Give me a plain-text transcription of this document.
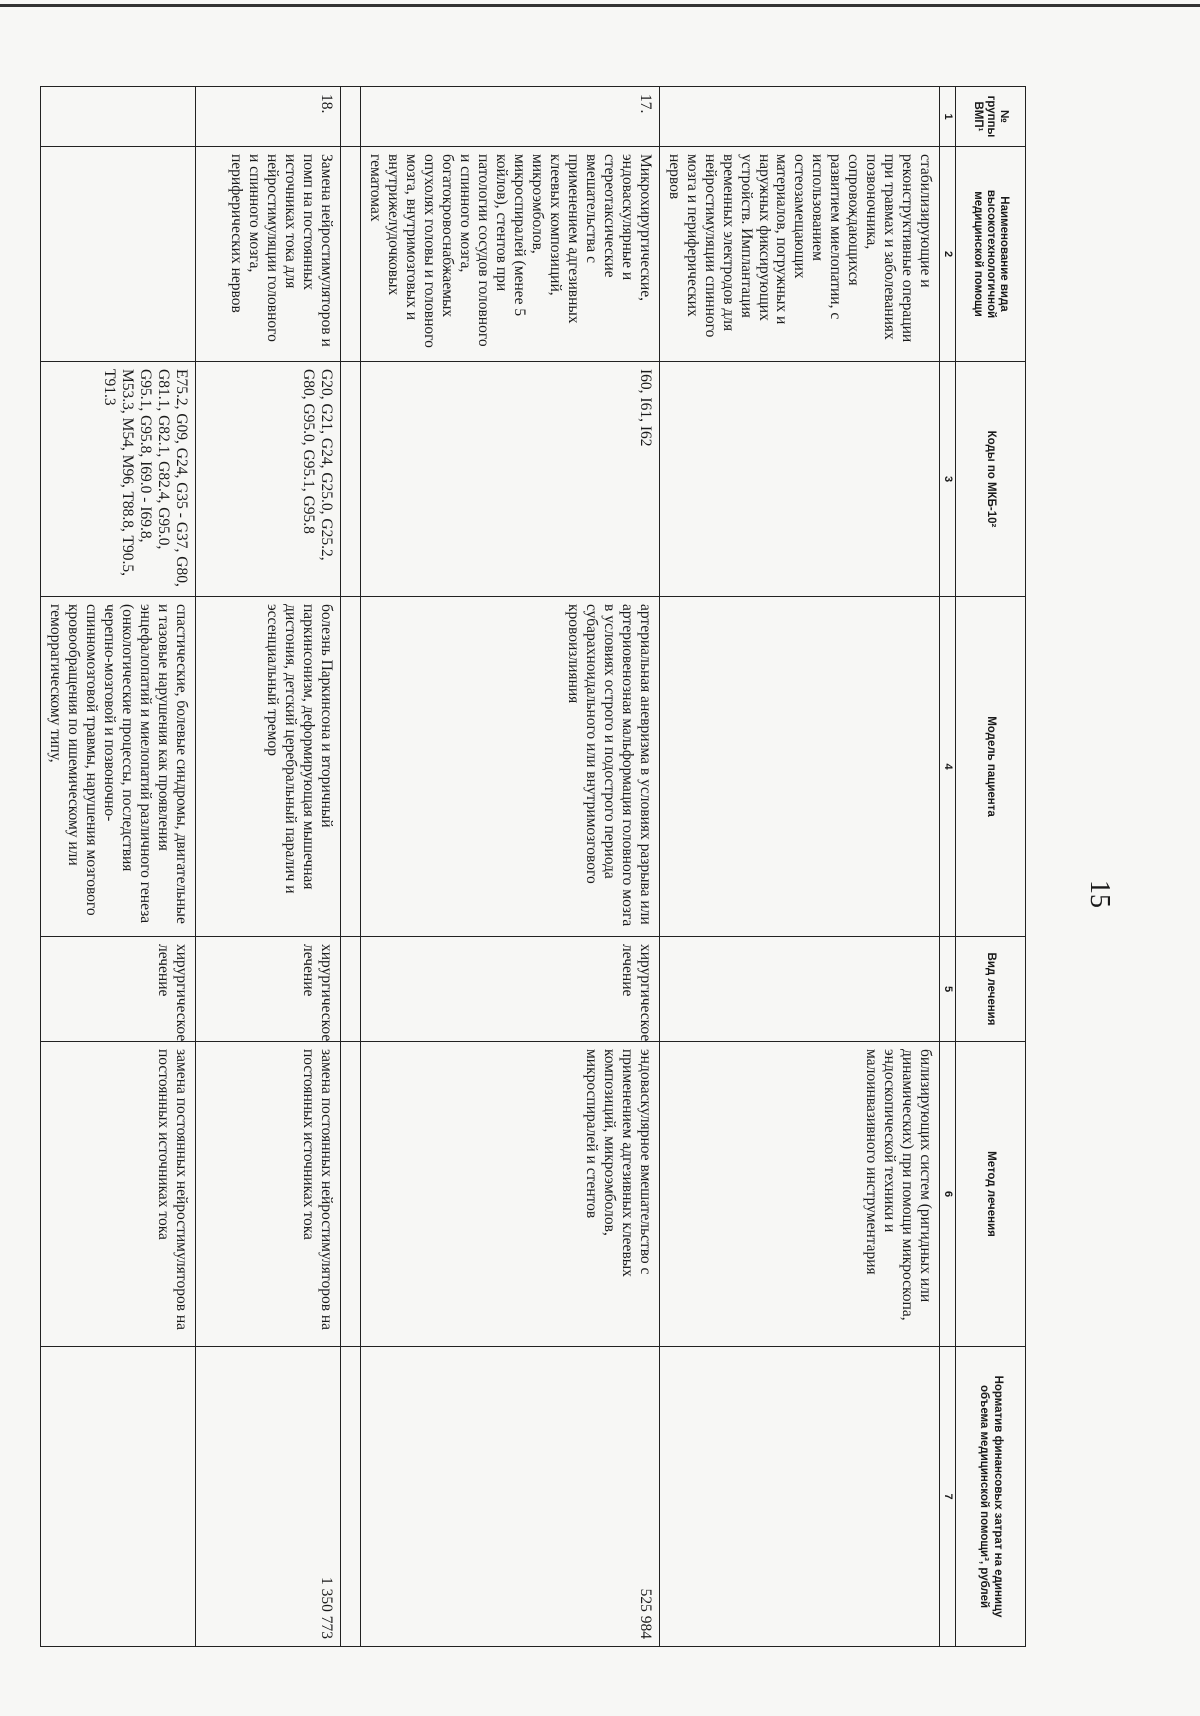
15
№ группы ВМП¹	Наименование вида высокотехнологичной медицинской помощи	Коды по МКБ-10²	Модель пациента	Вид лечения	Метод лечения	Норматив финансовых затрат на единицу объема медицинской помощи³, рублей
1	2	3	4	5	6	7
	стабилизирующие и реконструктивные операции при травмах и заболеваниях позвоночника, сопровождающихся развитием миелопатии, с использованием остеозамещающих материалов, погружных и наружных фиксирующих устройств. Имплантация временных электродов для нейростимуляции спинного мозга и периферических нервов				билизирующих систем (ригидных или динамических) при помощи микроскопа, эндоскопической техники и малоинвазивного инструментария	
17.	Микрохирургические, эндоваскулярные и стереотаксические вмешательства с применением адгезивных клеевых композиций, микроэмболов, микроспиралей (менее 5 койлов), стентов при патологии сосудов головного и спинного мозга, богатокровоснабжаемых опухолях головы и головного мозга, внутримозговых и внутрижелудочковых гематомах	I60, I61, I62	артериальная аневризма в условиях разрыва или артериовенозная мальформация головного мозга в условиях острого и подострого периода субарахноидального или внутримозгового кровоизлияния	хирургическое лечение	эндоваскулярное вмешательство с применением адгезивных клеевых композиций, микроэмболов, микроспиралей и стентов	525 984

18.	Замена нейростимуляторов и помп на постоянных источниках тока для нейростимуляции головного и спинного мозга, периферических нервов	G20, G21, G24, G25.0, G25.2, G80, G95.0, G95.1, G95.8	болезнь Паркинсона и вторичный паркинсонизм, деформирующая мышечная дистония, детский церебральный паралич и эссенциальный тремор	хирургическое лечение	замена постоянных нейростимуляторов на постоянных источниках тока	1 350 773
		E75.2, G09, G24, G35 - G37, G80, G81.1, G82.1, G82.4, G95.0, G95.1, G95.8, I69.0 - I69.8, M53.3, M54, M96, T88.8, T90.5, T91.3	спастические, болевые синдромы, двигательные и тазовые нарушения как проявления энцефалопатий и миелопатий различного генеза (онкологические процессы, последствия черепно-мозговой и позвоночно-спинномозговой травмы, нарушения мозгового кровообращения по ишемическому или геморрагическому типу,	хирургическое лечение	замена постоянных нейростимуляторов на постоянных источниках тока	
